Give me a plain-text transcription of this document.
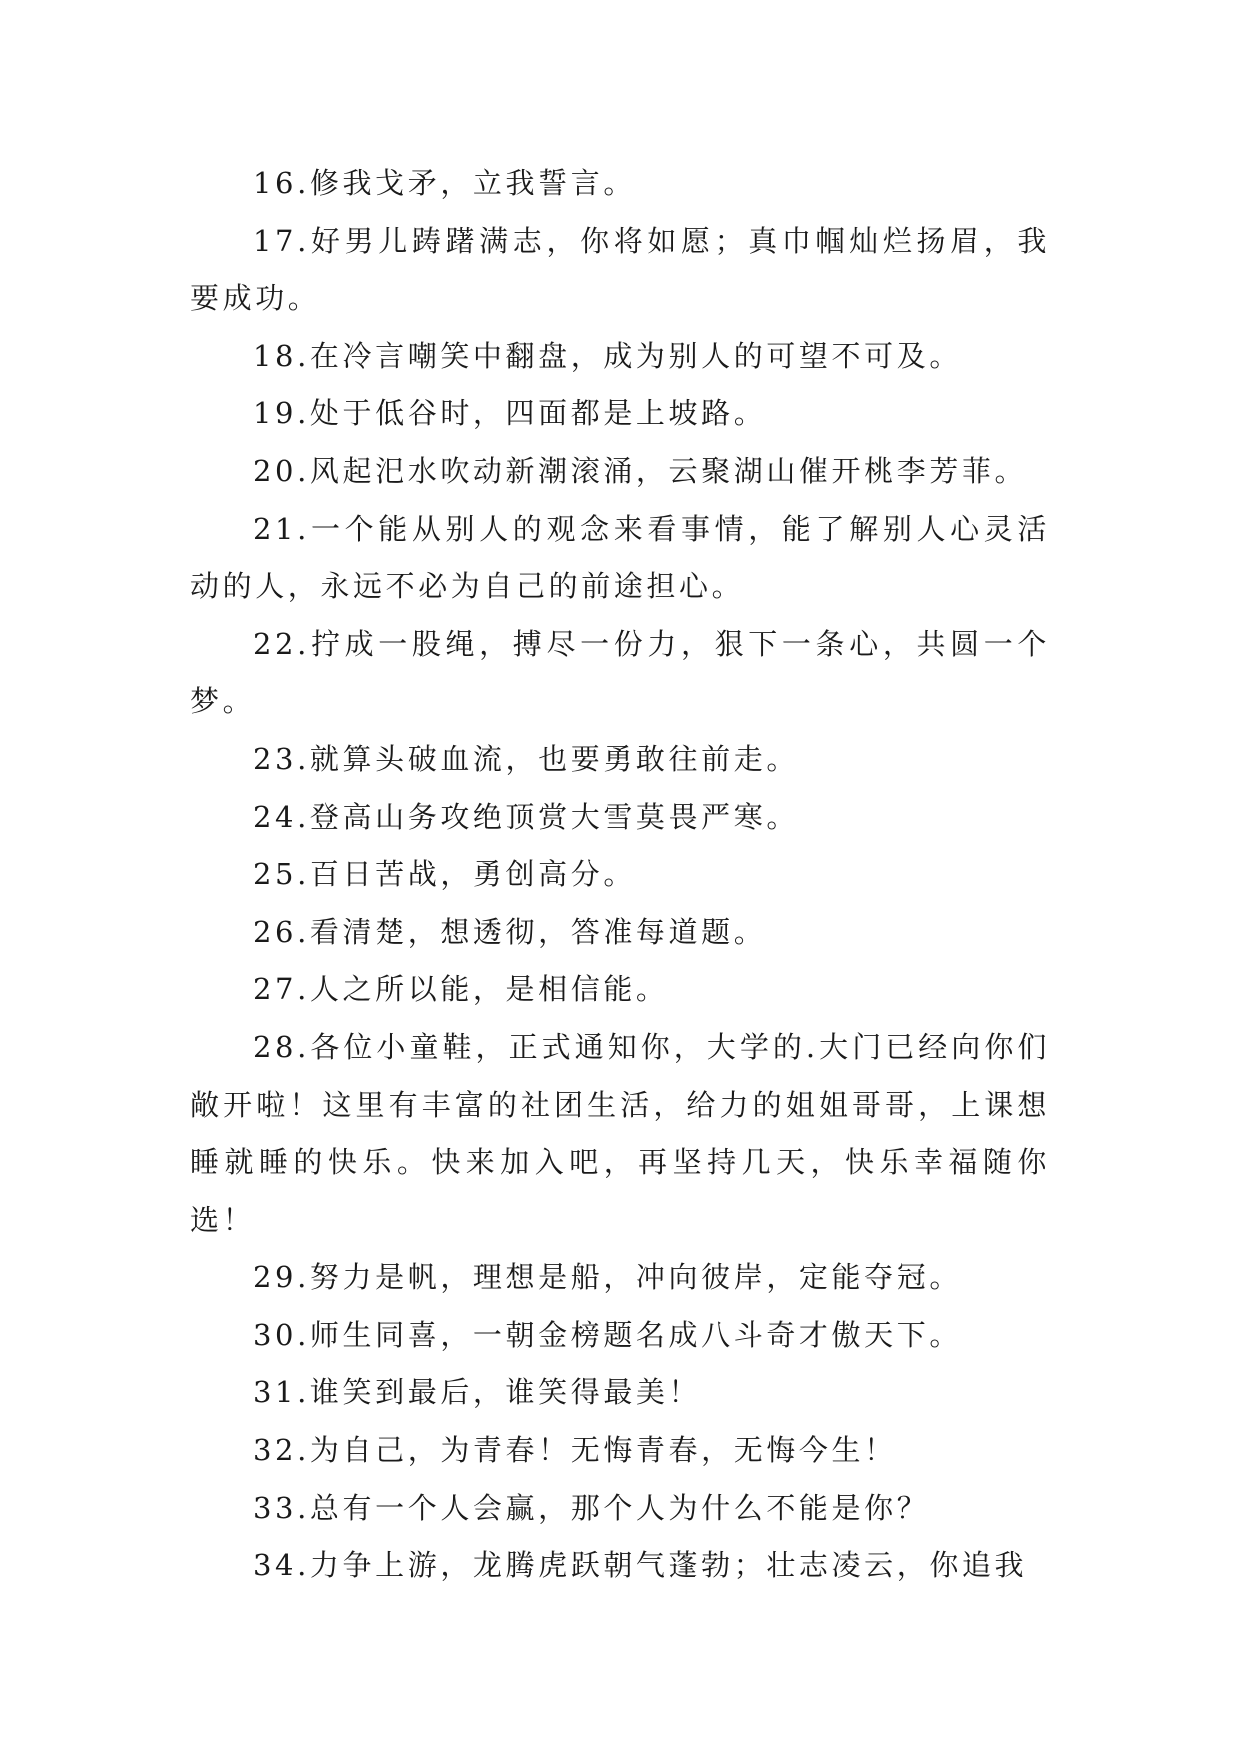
16.修我戈矛，立我誓言。

17.好男儿踌躇满志，你将如愿；真巾帼灿烂扬眉，我要成功。

18.在冷言嘲笑中翻盘，成为别人的可望不可及。

19.处于低谷时，四面都是上坡路。

20.风起汜水吹动新潮滚涌，云聚湖山催开桃李芳菲。

21.一个能从别人的观念来看事情，能了解别人心灵活动的人，永远不必为自己的前途担心。

22.拧成一股绳，搏尽一份力，狠下一条心，共圆一个梦。

23.就算头破血流，也要勇敢往前走。

24.登高山务攻绝顶赏大雪莫畏严寒。

25.百日苦战，勇创高分。

26.看清楚，想透彻，答准每道题。

27.人之所以能，是相信能。

28.各位小童鞋，正式通知你，大学的.大门已经向你们敞开啦！这里有丰富的社团生活，给力的姐姐哥哥，上课想睡就睡的快乐。快来加入吧，再坚持几天，快乐幸福随你选！

29.努力是帆，理想是船，冲向彼岸，定能夺冠。

30.师生同喜，一朝金榜题名成八斗奇才傲天下。

31.谁笑到最后，谁笑得最美！

32.为自己，为青春！无悔青春，无悔今生！

33.总有一个人会赢，那个人为什么不能是你？

34.力争上游，龙腾虎跃朝气蓬勃；壮志凌云，你追我
